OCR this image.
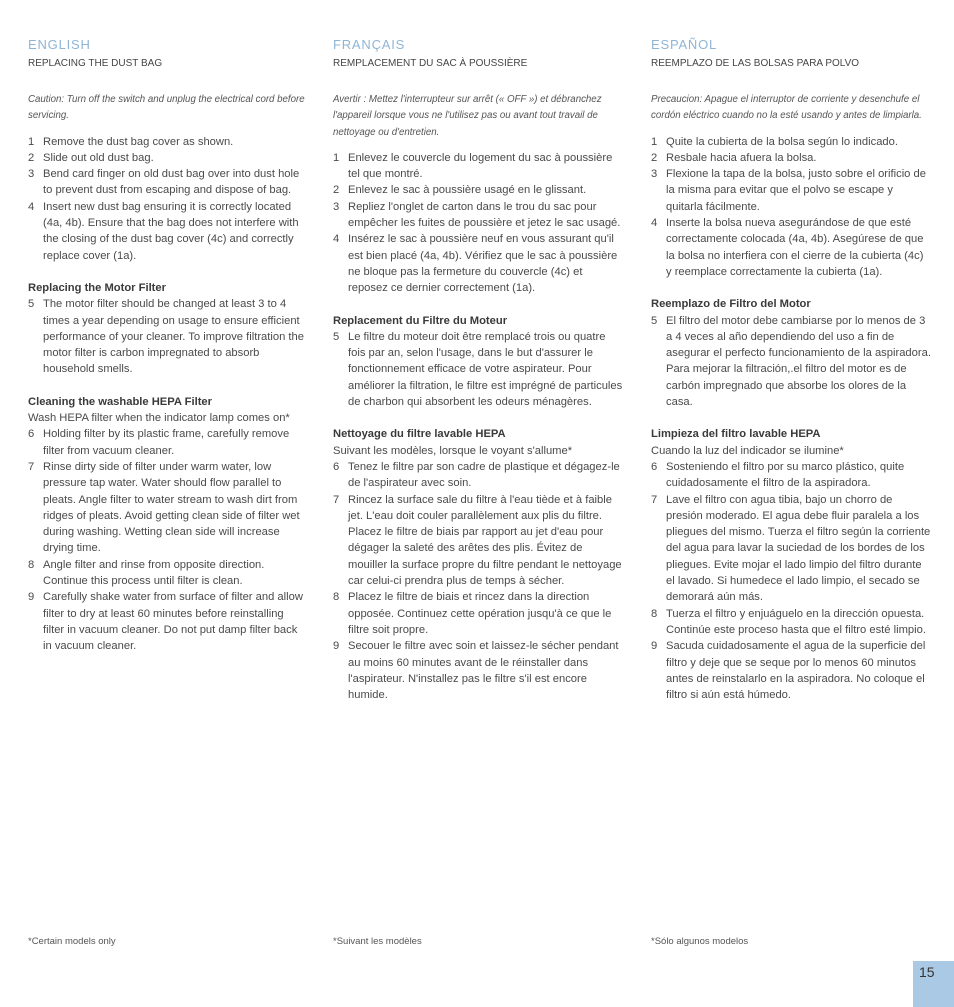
ENGLISH
REPLACING THE DUST BAG
Caution: Turn off the switch and unplug the electrical cord before servicing.
1 Remove the dust bag cover as shown.
2 Slide out old dust bag.
3 Bend card finger on old dust bag over into dust hole to prevent dust from escaping and dispose of bag.
4 Insert new dust bag ensuring it is correctly located (4a, 4b). Ensure that the bag does not interfere with the closing of the dust bag cover (4c) and correctly replace cover (1a).
Replacing the Motor Filter
5 The motor filter should be changed at least 3 to 4 times a year depending on usage to ensure efficient performance of your cleaner. To improve filtration the motor filter is carbon impregnated to absorb household smells.
Cleaning the washable HEPA Filter
Wash HEPA filter when the indicator lamp comes on*
6 Holding filter by its plastic frame, carefully remove filter from vacuum cleaner.
7 Rinse dirty side of filter under warm water, low pressure tap water. Water should flow parallel to pleats. Angle filter to water stream to wash dirt from ridges of pleats. Avoid getting clean side of filter wet during washing. Wetting clean side will increase drying time.
8 Angle filter and rinse from opposite direction. Continue this process until filter is clean.
9 Carefully shake water from surface of filter and allow filter to dry at least 60 minutes before reinstalling filter in vacuum cleaner. Do not put damp filter back in vacuum cleaner.
FRANÇAIS
REMPLACEMENT DU SAC À POUSSIÈRE
Avertir : Mettez l'interrupteur sur arrêt (« OFF ») et débranchez l'appareil lorsque vous ne l'utilisez pas ou avant tout travail de nettoyage ou d'entretien.
1 Enlevez le couvercle du logement du sac à poussière tel que montré.
2 Enlevez le sac à poussière usagé en le glissant.
3 Repliez l'onglet de carton dans le trou du sac pour empêcher les fuites de poussière et jetez le sac usagé.
4 Insérez le sac à poussière neuf en vous assurant qu'il est bien placé (4a, 4b). Vérifiez que le sac à poussière ne bloque pas la fermeture du couvercle (4c) et reposez ce dernier correctement (1a).
Replacement du Filtre du Moteur
5 Le filtre du moteur doit être remplacé trois ou quatre fois par an, selon l'usage, dans le but d'assurer le fonctionnement efficace de votre aspirateur. Pour améliorer la filtration, le filtre est imprégné de particules de charbon qui absorbent les odeurs ménagères.
Nettoyage du filtre lavable HEPA
Suivant les modèles, lorsque le voyant s'allume*
6 Tenez le filtre par son cadre de plastique et dégagez-le de l'aspirateur avec soin.
7 Rincez la surface sale du filtre à l'eau tiède et à faible jet. L'eau doit couler parallèlement aux plis du filtre. Placez le filtre de biais par rapport au jet d'eau pour dégager la saleté des arêtes des plis. Évitez de mouiller la surface propre du filtre pendant le nettoyage car celui-ci prendra plus de temps à sécher.
8 Placez le filtre de biais et rincez dans la direction opposée. Continuez cette opération jusqu'à ce que le filtre soit propre.
9 Secouer le filtre avec soin et laissez-le sécher pendant au moins 60 minutes avant de le réinstaller dans l'aspirateur. N'installez pas le filtre s'il est encore humide.
ESPAÑOL
REEMPLAZO DE LAS BOLSAS PARA POLVO
Precaucion: Apague el interruptor de corriente y desenchufe el cordón eléctrico cuando no la esté usando y antes de limpiarla.
1 Quite la cubierta de la bolsa según lo indicado.
2 Resbale hacia afuera la bolsa.
3 Flexione la tapa de la bolsa, justo sobre el orificio de la misma para evitar que el polvo se escape y quitarla fácilmente.
4 Inserte la bolsa nueva asegurándose de que esté correctamente colocada (4a, 4b). Asegúrese de que la bolsa no interfiera con el cierre de la cubierta (4c) y reemplace correctamente la cubierta (1a).
Reemplazo de Filtro del Motor
5 El filtro del motor debe cambiarse por lo menos de 3 a 4 veces al año dependiendo del uso a fin de asegurar el perfecto funcionamiento de la aspiradora. Para mejorar la filtración,.el filtro del motor es de carbón impregnado que absorbe los olores de la casa.
Limpieza del filtro lavable HEPA
Cuando la luz del indicador se ilumine*
6 Sosteniendo el filtro por su marco plástico, quite cuidadosamente el filtro de la aspiradora.
7 Lave el filtro con agua tibia, bajo un chorro de presión moderado. El agua debe fluir paralela a los pliegues del mismo. Tuerza el filtro según la corriente del agua para lavar la suciedad de los bordes de los pliegues. Evite mojar el lado limpio del filtro durante el lavado. Si humedece el lado limpio, el secado se demorará aún más.
8 Tuerza el filtro y enjuáguelo en la dirección opuesta. Continúe este proceso hasta que el filtro esté limpio.
9 Sacuda cuidadosamente el agua de la superficie del filtro y deje que se seque por lo menos 60 minutos antes de reinstalarlo en la aspiradora. No coloque el filtro si aún está húmedo.
*Certain models only	*Suivant les modèles	*Sólo algunos modelos
15
